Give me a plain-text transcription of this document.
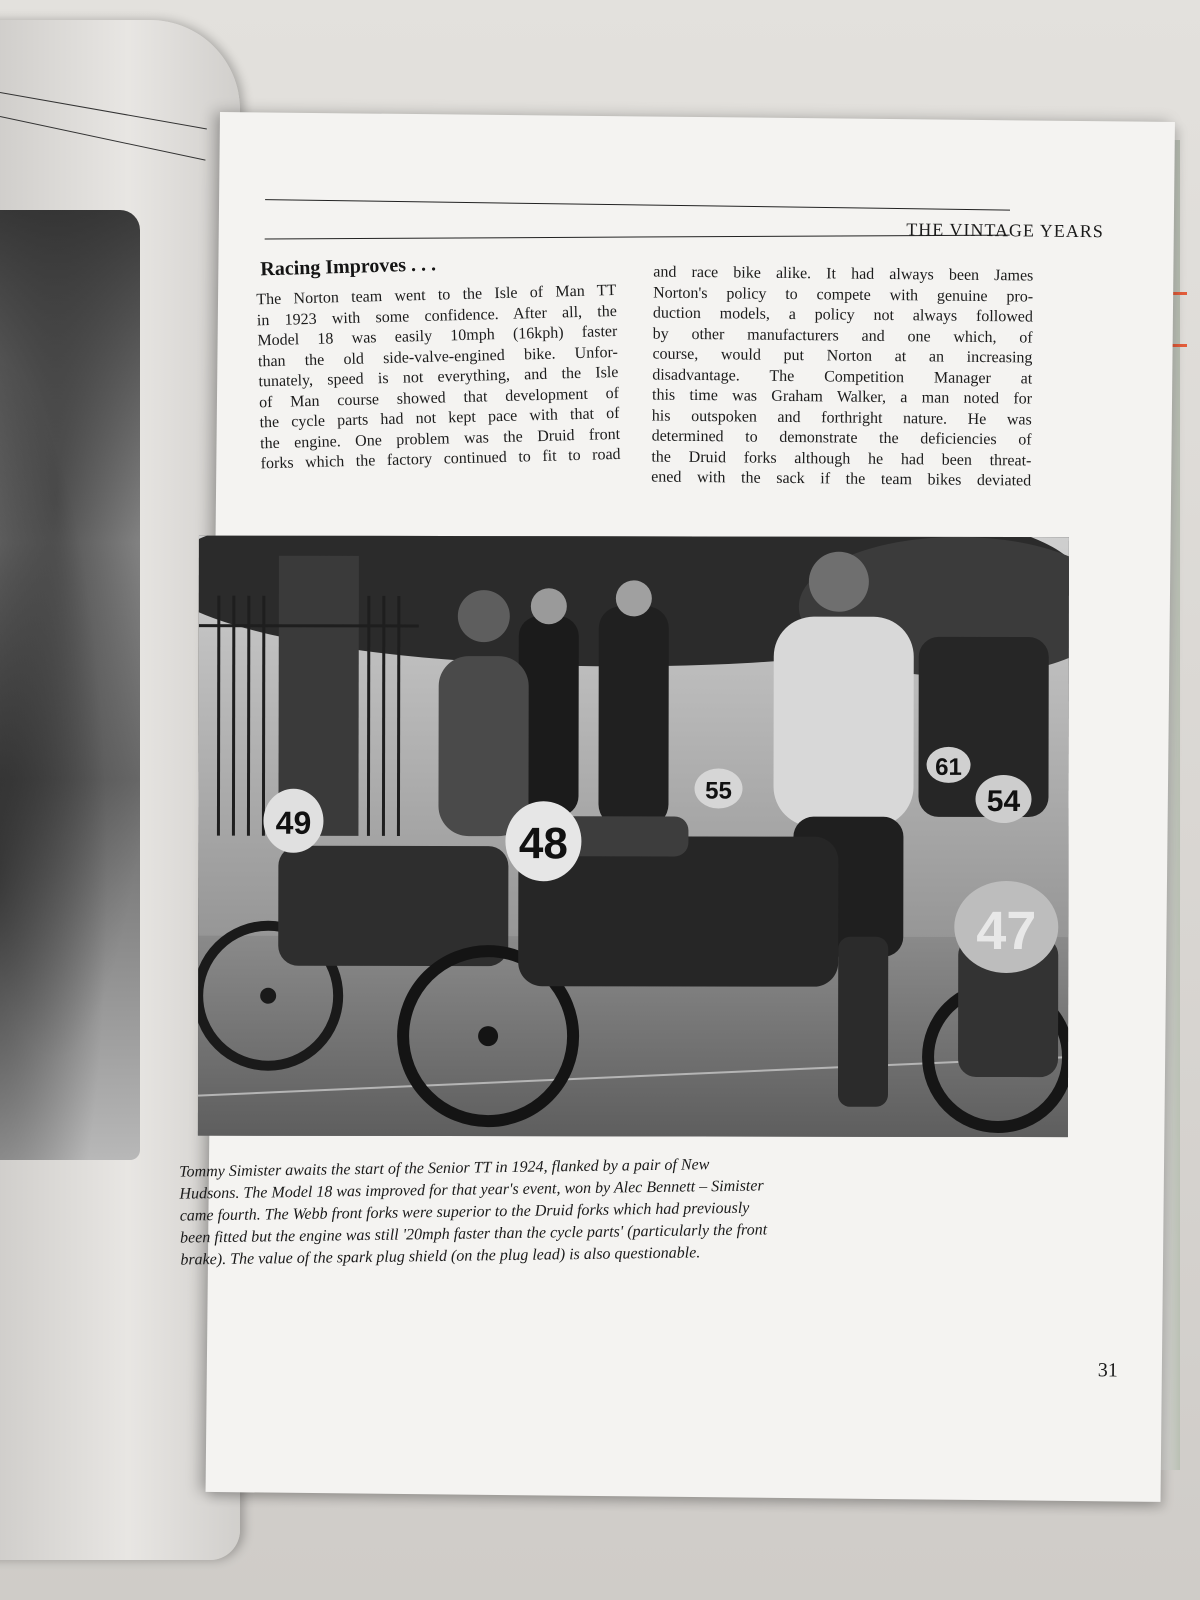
THE VINTAGE YEARS
Racing Improves . . .
The Norton team went to the Isle of Man TT
in 1923 with some confidence. After all, the
Model 18 was easily 10mph (16kph) faster
than the old side-valve-engined bike. Unfor-
tunately, speed is not everything, and the Isle
of Man course showed that development of
the cycle parts had not kept pace with that of
the engine. One problem was the Druid front
forks which the factory continued to fit to road
and race bike alike. It had always been James
Norton's policy to compete with genuine pro-
duction models, a policy not always followed
by other manufacturers and one which, of
course, would put Norton at an increasing
disadvantage. The Competition Manager at
this time was Graham Walker, a man noted for
his outspoken and forthright nature. He was
determined to demonstrate the deficiencies of
the Druid forks although he had been threat-
ened with the sack if the team bikes deviated
49	48
55
61
54
47
Tommy Simister awaits the start of the Senior TT in 1924, flanked by a pair of New
Hudsons. The Model 18 was improved for that year's event, won by Alec Bennett – Simister
came fourth. The Webb front forks were superior to the Druid forks which had previously
been fitted but the engine was still '20mph faster than the cycle parts' (particularly the front
brake). The value of the spark plug shield (on the plug lead) is also questionable.
31
